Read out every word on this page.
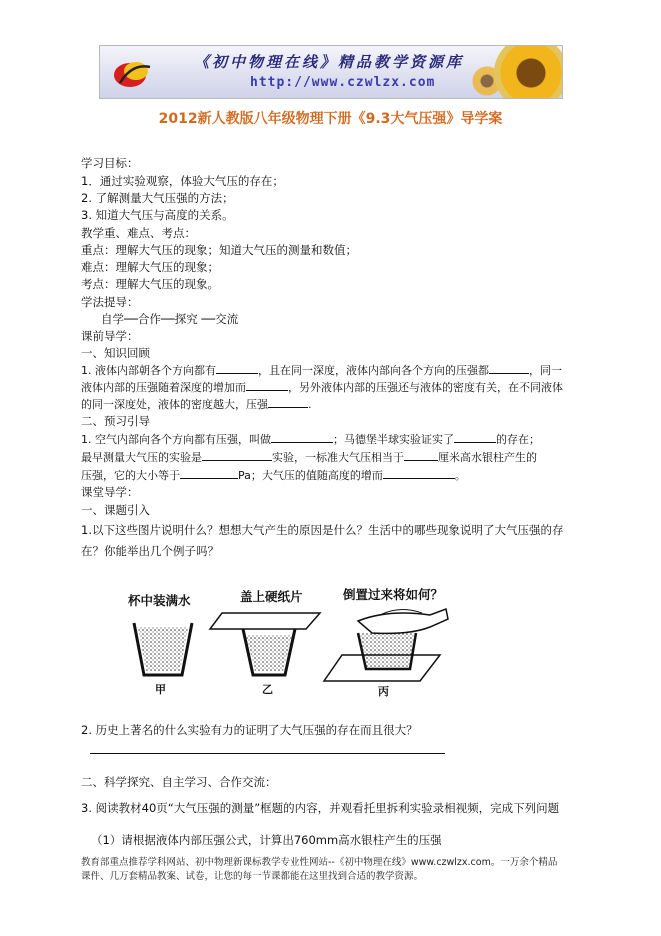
《初中物理在线》精品教学资源库
http://www.czwlzx.com
2012新人教版八年级物理下册《9.3大气压强》导学案
学习目标：
1．通过实验观察，体验大气压的存在；
2. 了解测量大气压强的方法；
3. 知道大气压与高度的关系。
教学重、难点、考点：
重点：理解大气压的现象；知道大气压的测量和数值；
难点：理解大气压的现象；
考点：理解大气压的现象。
学法提导：
自学──合作──探究 ──交流
课前导学：
一、知识回顾
1. 液体内部朝各个方向都有	，且在同一深度，液体内部向各个方向的压强都	，同一
液体内部的压强随着深度的增加而	，另外液体内部的压强还与液体的密度有关，在不同液体
的同一深度处，液体的密度越大，压强	.
二、预习引导
1. 空气内部向各个方向都有压强，叫做	；马德堡半球实验证实了	的存在；
最早测量大气压的实验是	实验，一标准大气压相当于	厘米高水银柱产生的
压强，它的大小等于	Pa；大气压的值随高度的增而	。
课堂导学：
一、课题引入
1.以下这些图片说明什么？想想大气产生的原因是什么？生活中的哪些现象说明了大气压强的存
在？你能举出几个例子吗？
杯中装满水	盖上硬纸片	倒置过来将如何？
甲	乙	丙
2. 历史上著名的什么实验有力的证明了大气压强的存在而且很大？
二、科学探究、自主学习、合作交流：
3. 阅读教材40页“大气压强的测量”框题的内容，并观看托里拆利实验录相视频，完成下列问题
（1）请根据液体内部压强公式，计算出760mm高水银柱产生的压强
教育部重点推荐学科网站、初中物理新课标教学专业性网站--《初中物理在线》www.czwlzx.com。一万余个精品
课件、几万套精品教案、试卷，让您的每一节课都能在这里找到合适的教学资源。
